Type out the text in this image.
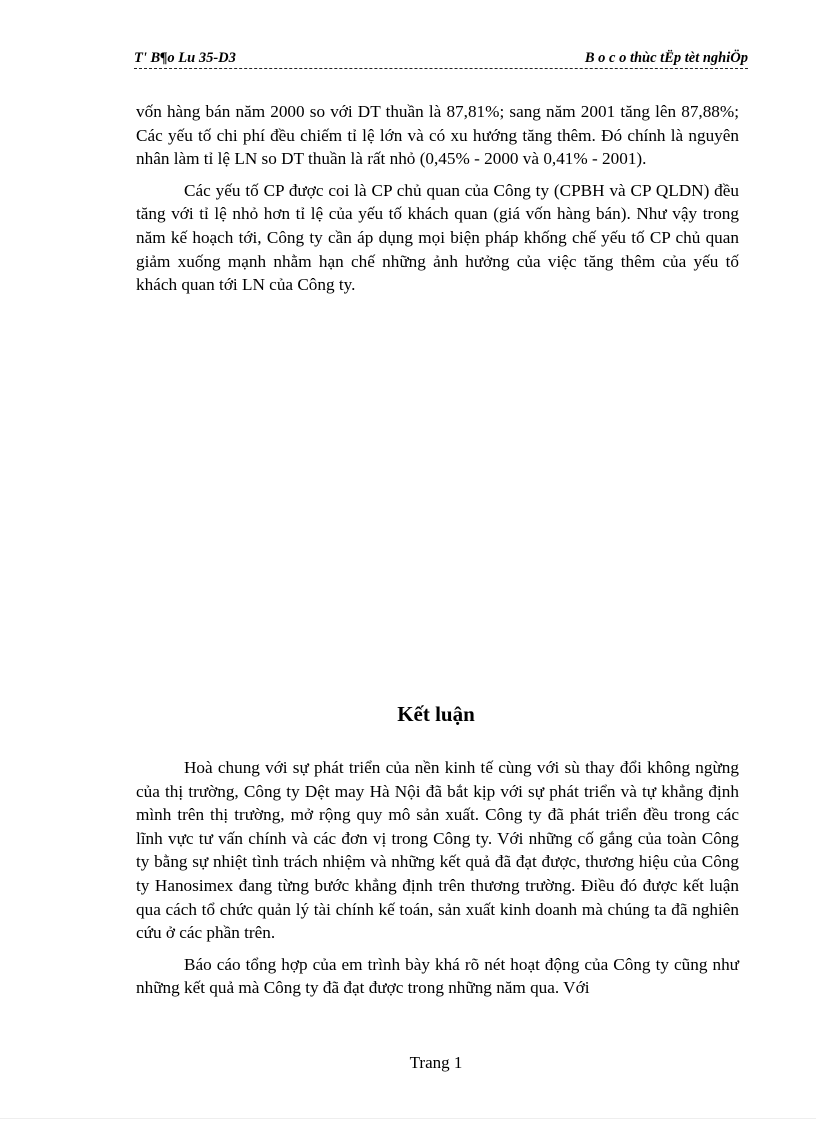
T' B¶o Lu 35-D3	B o c o thùc tËp tèt nghiÖp

vốn hàng bán năm 2000 so với DT thuần là 87,81%; sang năm 2001 tăng lên 87,88%; Các yếu tố chi phí đều chiếm tỉ lệ lớn và có xu hướng tăng thêm. Đó chính là nguyên nhân làm tỉ lệ LN so DT thuần là rất nhỏ (0,45% - 2000 và 0,41% - 2001).

Các yếu tố CP được coi là CP chủ quan của Công ty (CPBH và CP QLDN) đều tăng với tỉ lệ nhỏ hơn tỉ lệ của yếu tố khách quan (giá vốn hàng bán). Như vậy trong năm kế hoạch tới, Công ty cần áp dụng mọi biện pháp khống chế yếu tố CP chủ quan giảm xuống mạnh nhằm hạn chế những ảnh hưởng của việc tăng thêm của yếu tố khách quan tới LN của Công ty.

Kết luận

Hoà chung với sự phát triển của nền kinh tế cùng với sù thay đổi không ngừng của thị trường, Công ty Dệt may Hà Nội đã bắt kịp với sự phát triển và tự khẳng định mình trên thị trường, mở rộng quy mô sản xuất. Công ty đã phát triển đều trong các lĩnh vực tư vấn chính và các đơn vị trong Công ty. Với những cố gắng của toàn Công ty bằng sự nhiệt tình trách nhiệm và những kết quả đã đạt được, thương hiệu của Công ty Hanosimex đang từng bước khẳng định trên thương trường. Điều đó được kết luận qua cách tổ chức quản lý tài chính kế toán, sản xuất kinh doanh mà chúng ta đã nghiên cứu ở các phần trên.

Báo cáo tổng hợp của em trình bày khá rõ nét hoạt động của Công ty cũng như những kết quả mà Công ty đã đạt được trong những năm qua. Với

Trang 1
